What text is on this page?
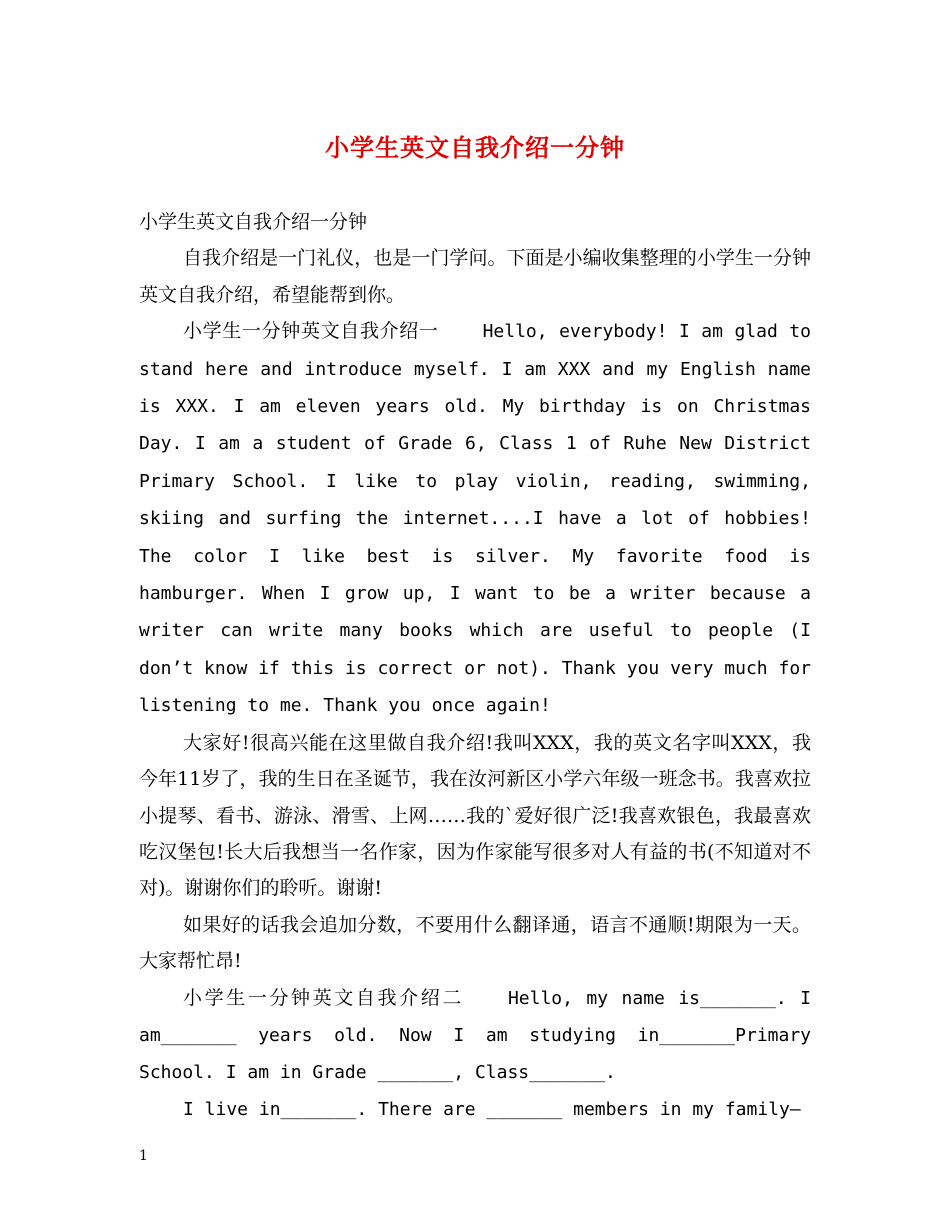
小学生英文自我介绍一分钟

小学生英文自我介绍一分钟

自我介绍是一门礼仪，也是一门学问。下面是小编收集整理的小学生一分钟英文自我介绍，希望能帮到你。

小学生一分钟英文自我介绍一 Hello, everybody! I am glad to stand here and introduce myself. I am XXX and my English name is XXX. I am eleven years old. My birthday is on Christmas Day. I am a student of Grade 6, Class 1 of Ruhe New District Primary School. I like to play violin, reading, swimming, skiing and surfing the internet....I have a lot of hobbies! The color I like best is silver. My favorite food is hamburger. When I grow up, I want to be a writer because a writer can write many books which are useful to people (I don’t know if this is correct or not). Thank you very much for listening to me. Thank you once again!

大家好!很高兴能在这里做自我介绍!我叫XXX，我的英文名字叫XXX，我今年11岁了，我的生日在圣诞节，我在汝河新区小学六年级一班念书。我喜欢拉小提琴、看书、游泳、滑雪、上网……我的`爱好很广泛!我喜欢银色，我最喜欢吃汉堡包!长大后我想当一名作家，因为作家能写很多对人有益的书(不知道对不对)。谢谢你们的聆听。谢谢!

如果好的话我会追加分数，不要用什么翻译通，语言不通顺!期限为一天。大家帮忙昂!

小学生一分钟英文自我介绍二 Hello, my name is_______. I am_______ years old. Now I am studying in_______Primary School. I am in Grade _______, Class_______.

I live in_______. There are _______ members in my family—

1
